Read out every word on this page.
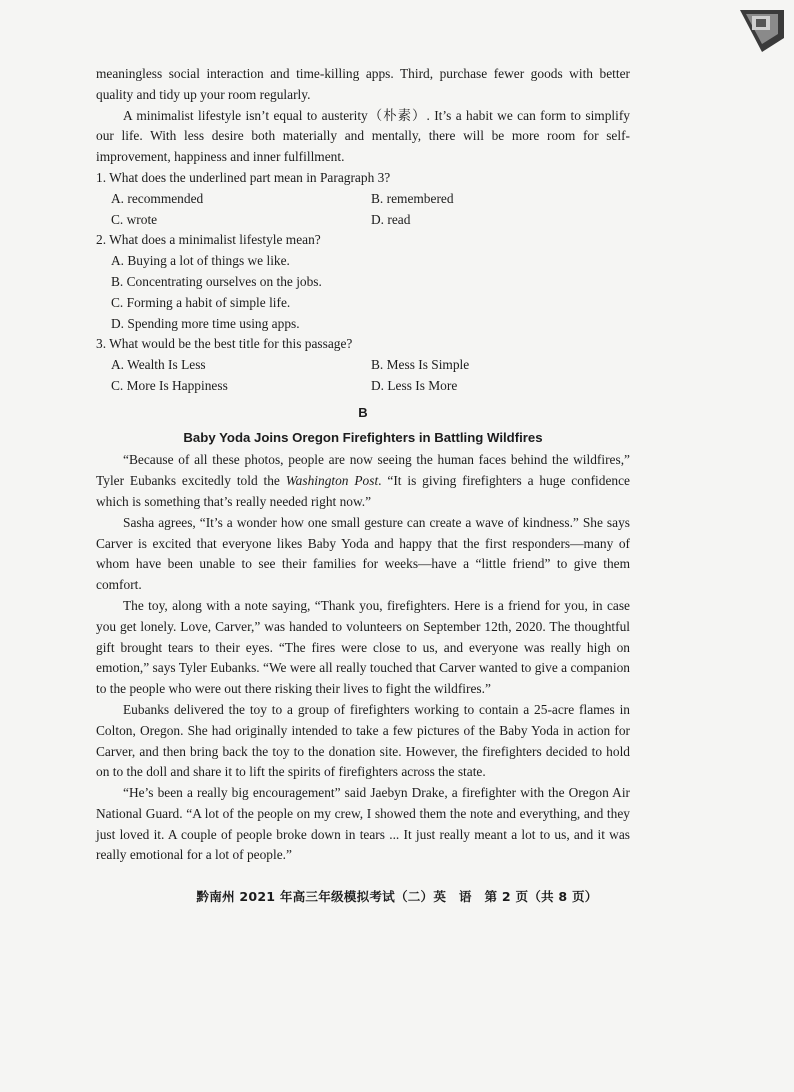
meaningless social interaction and time-killing apps. Third, purchase fewer goods with better quality and tidy up your room regularly.

A minimalist lifestyle isn’t equal to austerity（朴素）. It’s a habit we can form to simplify our life. With less desire both materially and mentally, there will be more room for self-improvement, happiness and inner fulfillment.

1. What does the underlined part mean in Paragraph 3?

A. recommended	B. remembered
C. wrote	D. read

2. What does a minimalist lifestyle mean?

A. Buying a lot of things we like.
B. Concentrating ourselves on the jobs.
C. Forming a habit of simple life.
D. Spending more time using apps.

3. What would be the best title for this passage?

A. Wealth Is Less	B. Mess Is Simple
C. More Is Happiness	D. Less Is More
B
Baby Yoda Joins Oregon Firefighters in Battling Wildfires

“Because of all these photos, people are now seeing the human faces behind the wildfires,” Tyler Eubanks excitedly told the Washington Post. “It is giving firefighters a huge confidence which is something that’s really needed right now.”

Sasha agrees, “It’s a wonder how one small gesture can create a wave of kindness.” She says Carver is excited that everyone likes Baby Yoda and happy that the first responders—many of whom have been unable to see their families for weeks—have a “little friend” to give them comfort.

The toy, along with a note saying, “Thank you, firefighters. Here is a friend for you, in case you get lonely. Love, Carver,” was handed to volunteers on September 12th, 2020. The thoughtful gift brought tears to their eyes. “The fires were close to us, and everyone was really high on emotion,” says Tyler Eubanks. “We were all really touched that Carver wanted to give a companion to the people who were out there risking their lives to fight the wildfires.”

Eubanks delivered the toy to a group of firefighters working to contain a 25-acre flames in Colton, Oregon. She had originally intended to take a few pictures of the Baby Yoda in action for Carver, and then bring back the toy to the donation site. However, the firefighters decided to hold on to the doll and share it to lift the spirits of firefighters across the state.

“He’s been a really big encouragement” said Jaebyn Drake, a firefighter with the Oregon Air National Guard. “A lot of the people on my crew, I showed them the note and everything, and they just loved it. A couple of people broke down in tears ... It just really meant a lot to us, and it was really emotional for a lot of people.”

黔南州 2021 年高三年级模拟考试（二）英　语　第 2 页（共 8 页）
